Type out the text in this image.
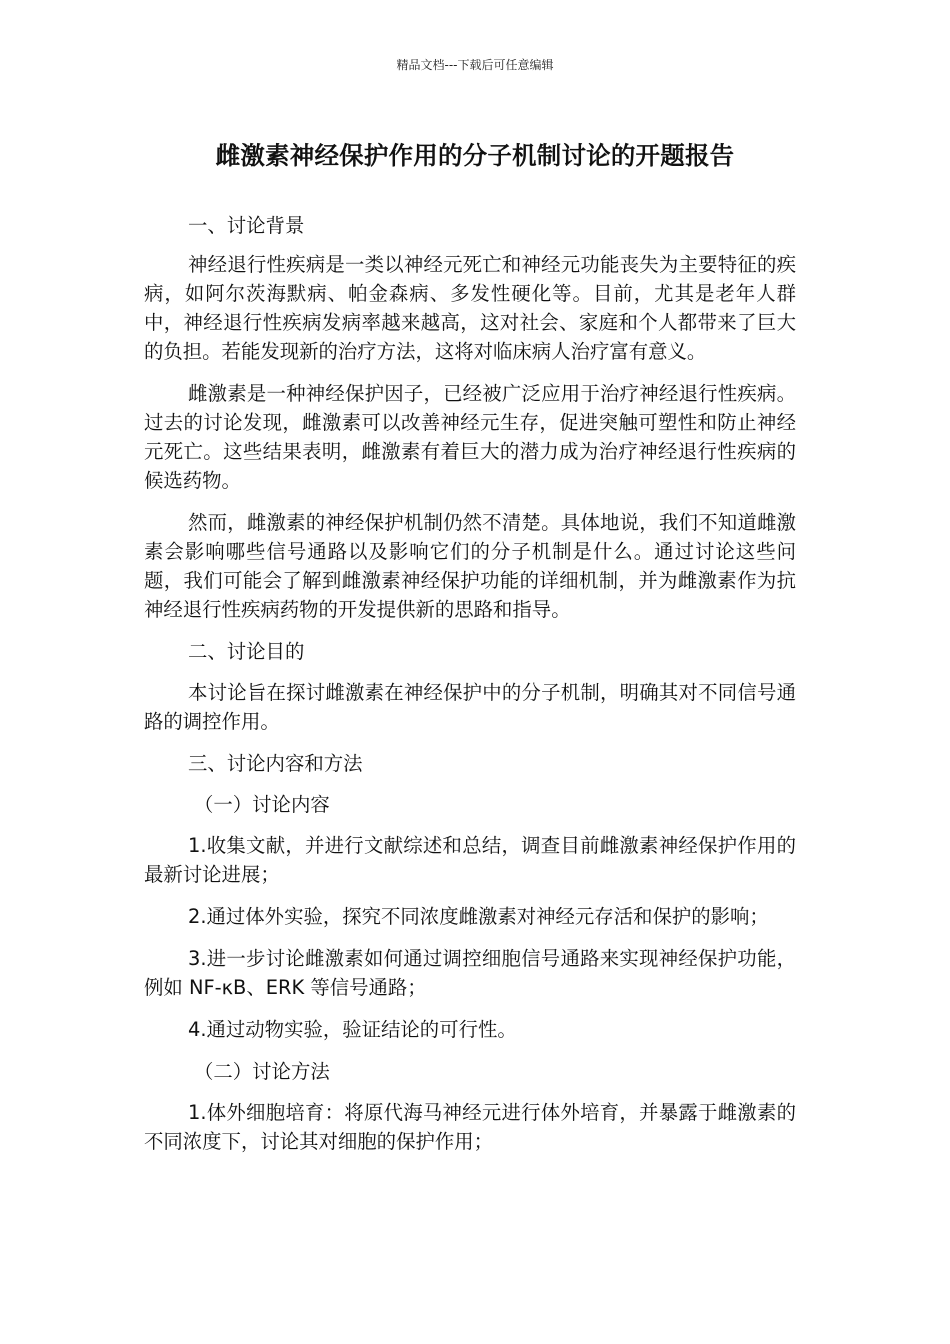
精品文档---下载后可任意编辑
雌激素神经保护作用的分子机制讨论的开题报告

一、讨论背景

神经退行性疾病是一类以神经元死亡和神经元功能丧失为主要特征的疾病，如阿尔茨海默病、帕金森病、多发性硬化等。目前，尤其是老年人群中，神经退行性疾病发病率越来越高，这对社会、家庭和个人都带来了巨大的负担。若能发现新的治疗方法，这将对临床病人治疗富有意义。

雌激素是一种神经保护因子，已经被广泛应用于治疗神经退行性疾病。过去的讨论发现，雌激素可以改善神经元生存，促进突触可塑性和防止神经元死亡。这些结果表明，雌激素有着巨大的潜力成为治疗神经退行性疾病的候选药物。

然而，雌激素的神经保护机制仍然不清楚。具体地说，我们不知道雌激素会影响哪些信号通路以及影响它们的分子机制是什么。通过讨论这些问题，我们可能会了解到雌激素神经保护功能的详细机制，并为雌激素作为抗神经退行性疾病药物的开发提供新的思路和指导。

二、讨论目的

本讨论旨在探讨雌激素在神经保护中的分子机制，明确其对不同信号通路的调控作用。

三、讨论内容和方法

（一）讨论内容

1.收集文献，并进行文献综述和总结，调查目前雌激素神经保护作用的最新讨论进展；

2.通过体外实验，探究不同浓度雌激素对神经元存活和保护的影响；

3.进一步讨论雌激素如何通过调控细胞信号通路来实现神经保护功能，例如 NF-κB、ERK 等信号通路；

4.通过动物实验，验证结论的可行性。

（二）讨论方法

1.体外细胞培育：将原代海马神经元进行体外培育，并暴露于雌激素的不同浓度下，讨论其对细胞的保护作用；
